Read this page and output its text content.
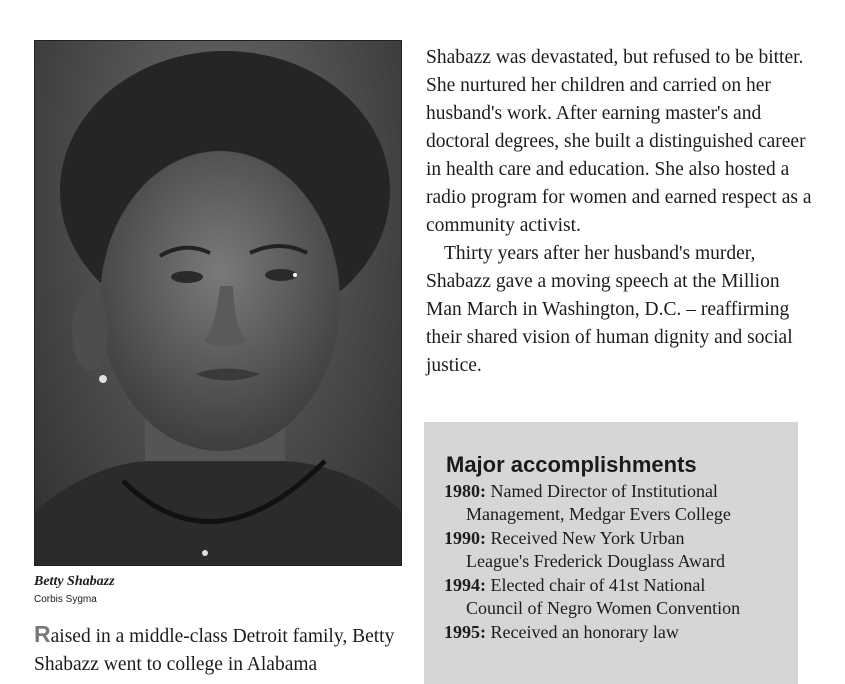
Betty Shabazz
Corbis Sygma
Raised in a middle-class Detroit family, Betty Shabazz went to college in Alabama

Shabazz was devastated, but refused to be bitter. She nurtured her children and carried on her husband's work. After earning master's and doctoral degrees, she built a distinguished career in health care and education. She also hosted a radio program for women and earned respect as a community activist.

Thirty years after her husband's murder, Shabazz gave a moving speech at the Million Man March in Washington, D.C. – reaffirming their shared vision of human dignity and social justice.

Major accomplishments
1980: Named Director of Institutional
Management, Medgar Evers College
1990: Received New York Urban
League's Frederick Douglass Award
1994: Elected chair of 41st National
Council of Negro Women Convention
1995: Received an honorary law
